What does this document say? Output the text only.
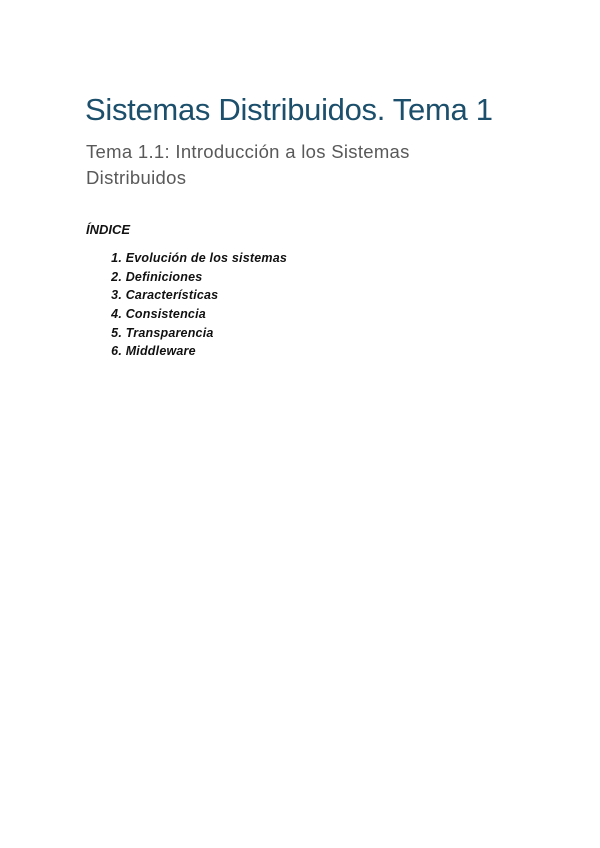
Sistemas Distribuidos. Tema 1
Tema 1.1: Introducción a los Sistemas Distribuidos
ÍNDICE
1.
Evolución de los sistemas
2.
Definiciones
3.
Características
4.
Consistencia
5.
Transparencia
6.
Middleware
